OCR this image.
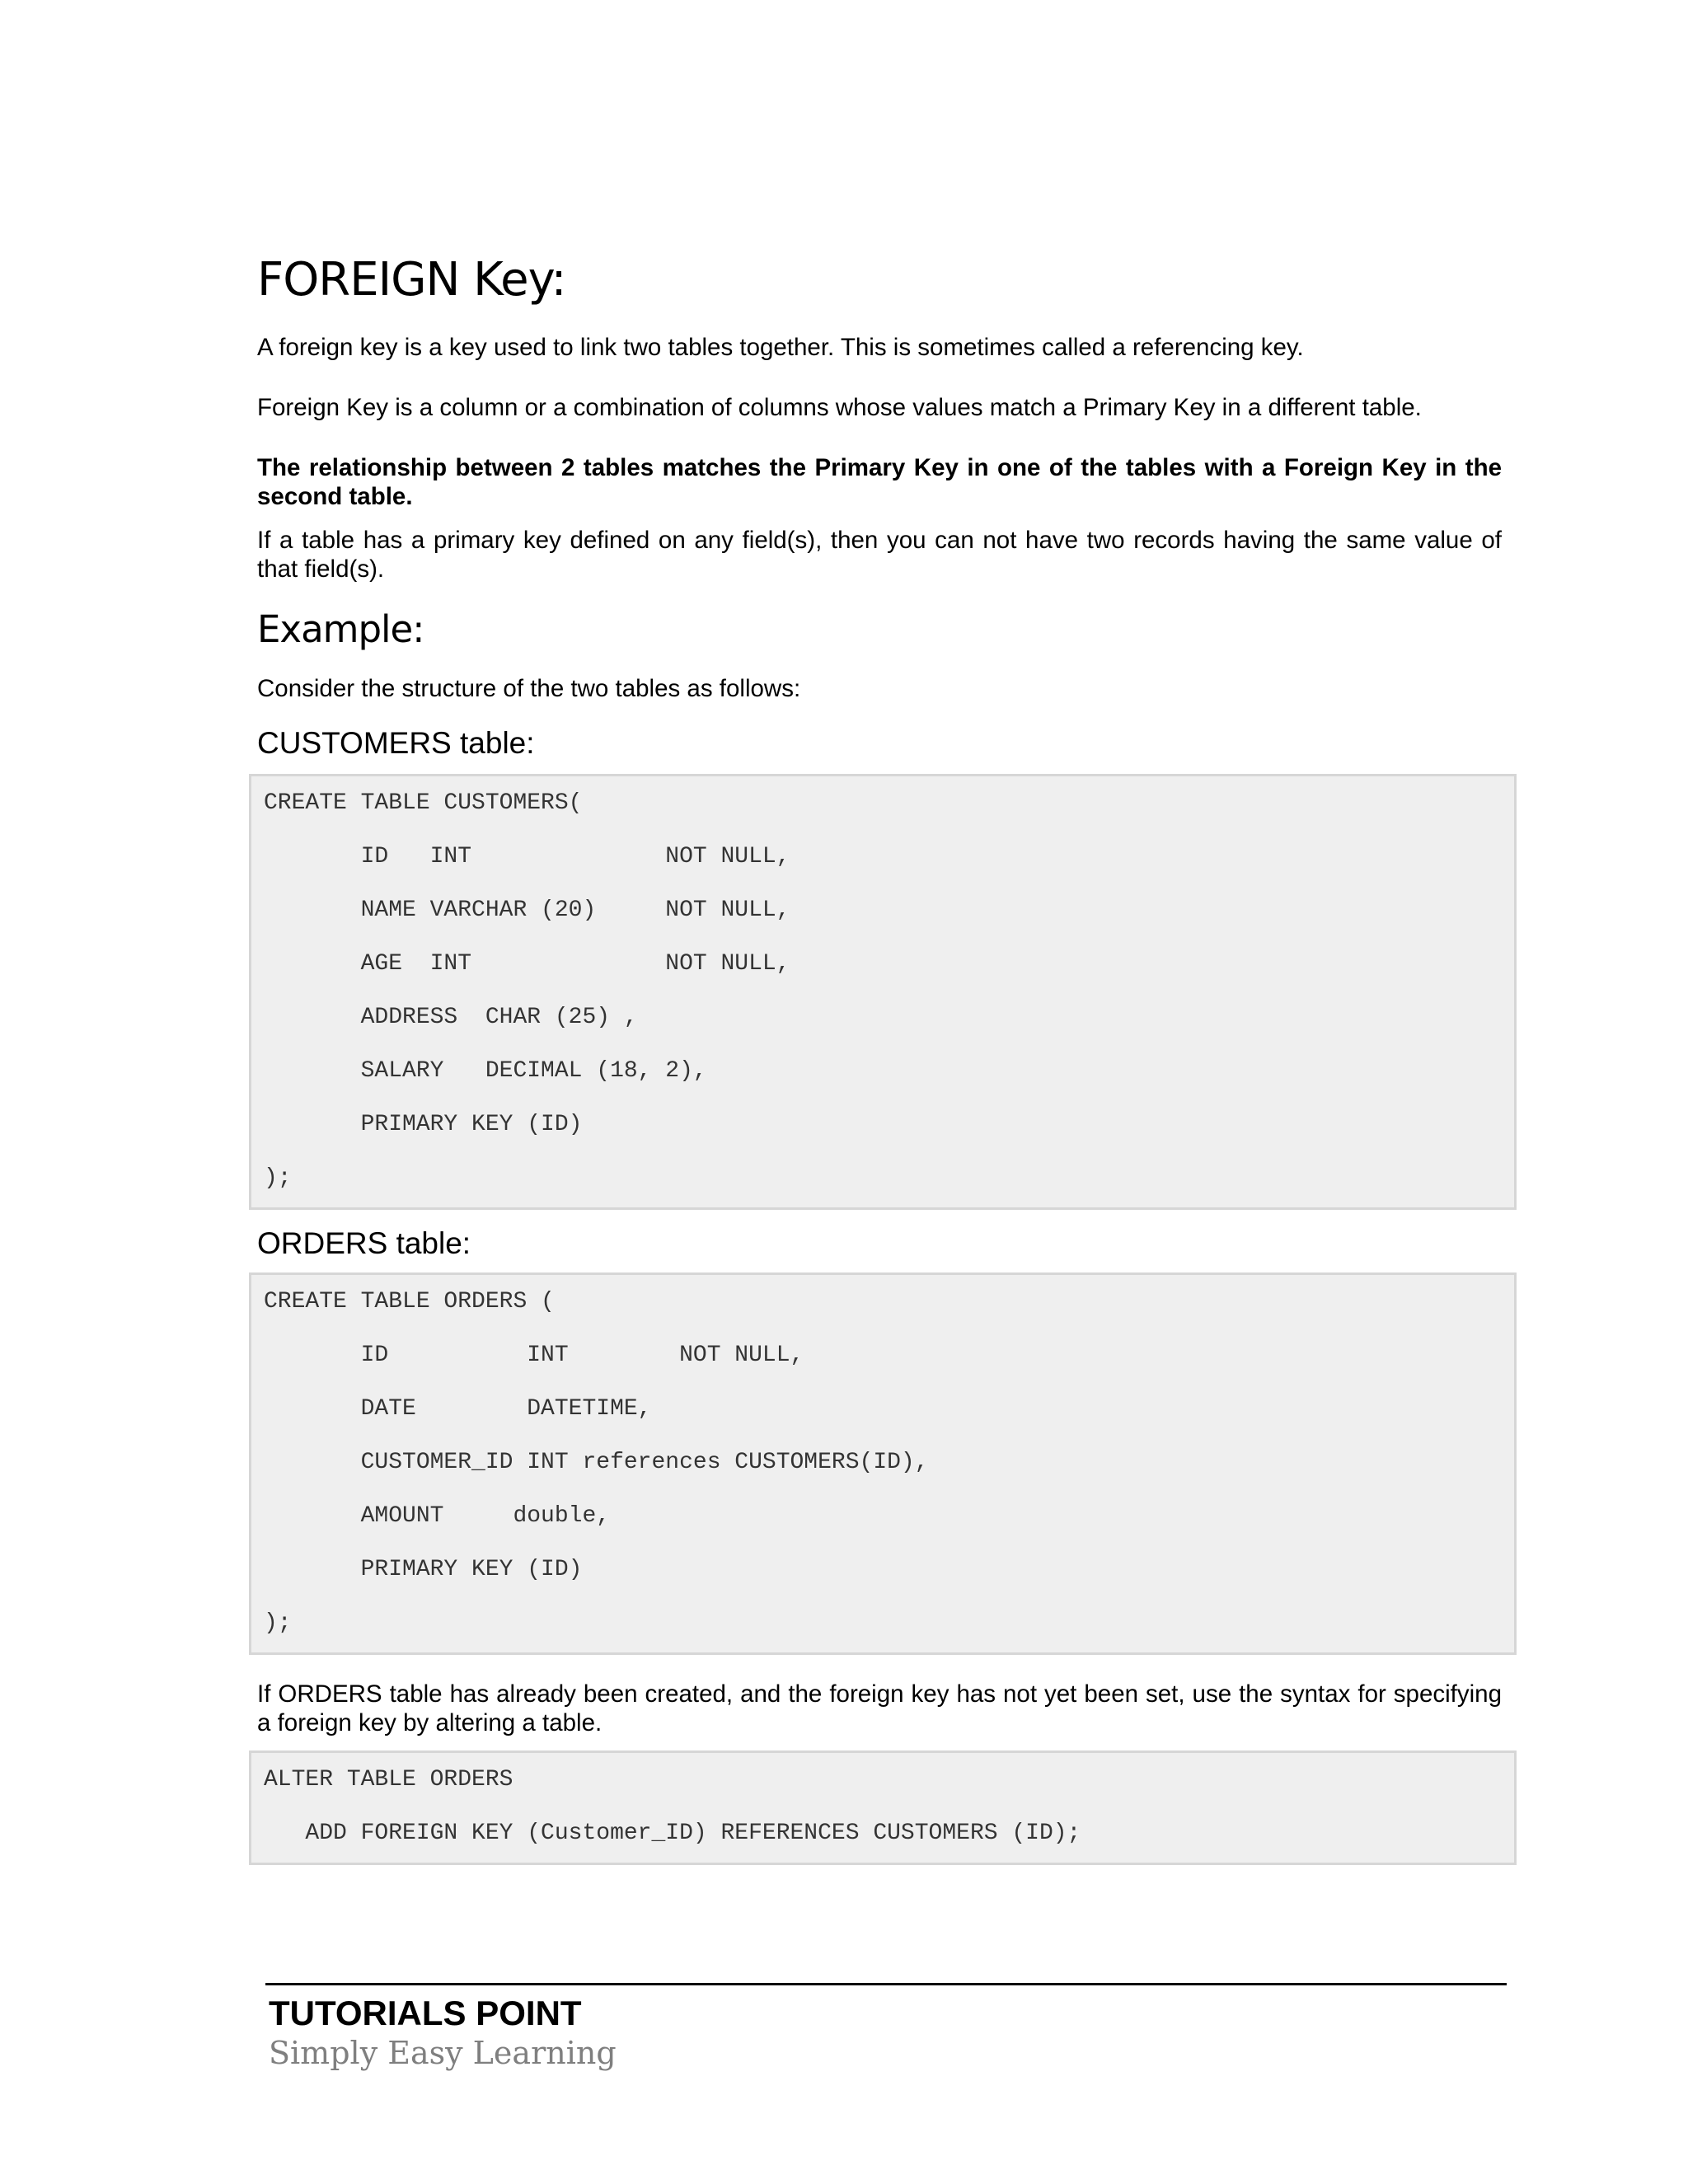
FOREIGN Key:

A foreign key is a key used to link two tables together. This is sometimes called a referencing key.

Foreign Key is a column or a combination of columns whose values match a Primary Key in a different table.

The relationship between 2 tables matches the Primary Key in one of the tables with a Foreign Key in the second table.

If a table has a primary key defined on any field(s), then you can not have two records having the same value of that field(s).

Example:

Consider the structure of the two tables as follows:

CUSTOMERS table:
CREATE TABLE CUSTOMERS(
ID   INT              NOT NULL,
NAME VARCHAR (20)     NOT NULL,
AGE  INT              NOT NULL,
ADDRESS  CHAR (25) ,
SALARY   DECIMAL (18, 2),
PRIMARY KEY (ID)
);
ORDERS table:
CREATE TABLE ORDERS (
ID          INT        NOT NULL,
DATE        DATETIME,
CUSTOMER_ID INT references CUSTOMERS(ID),
AMOUNT     double,
PRIMARY KEY (ID)
);

If ORDERS table has already been created, and the foreign key has not yet been set, use the syntax for specifying a foreign key by altering a table.

ALTER TABLE ORDERS
ADD FOREIGN KEY (Customer_ID) REFERENCES CUSTOMERS (ID);
TUTORIALS POINT
Simply Easy Learning
